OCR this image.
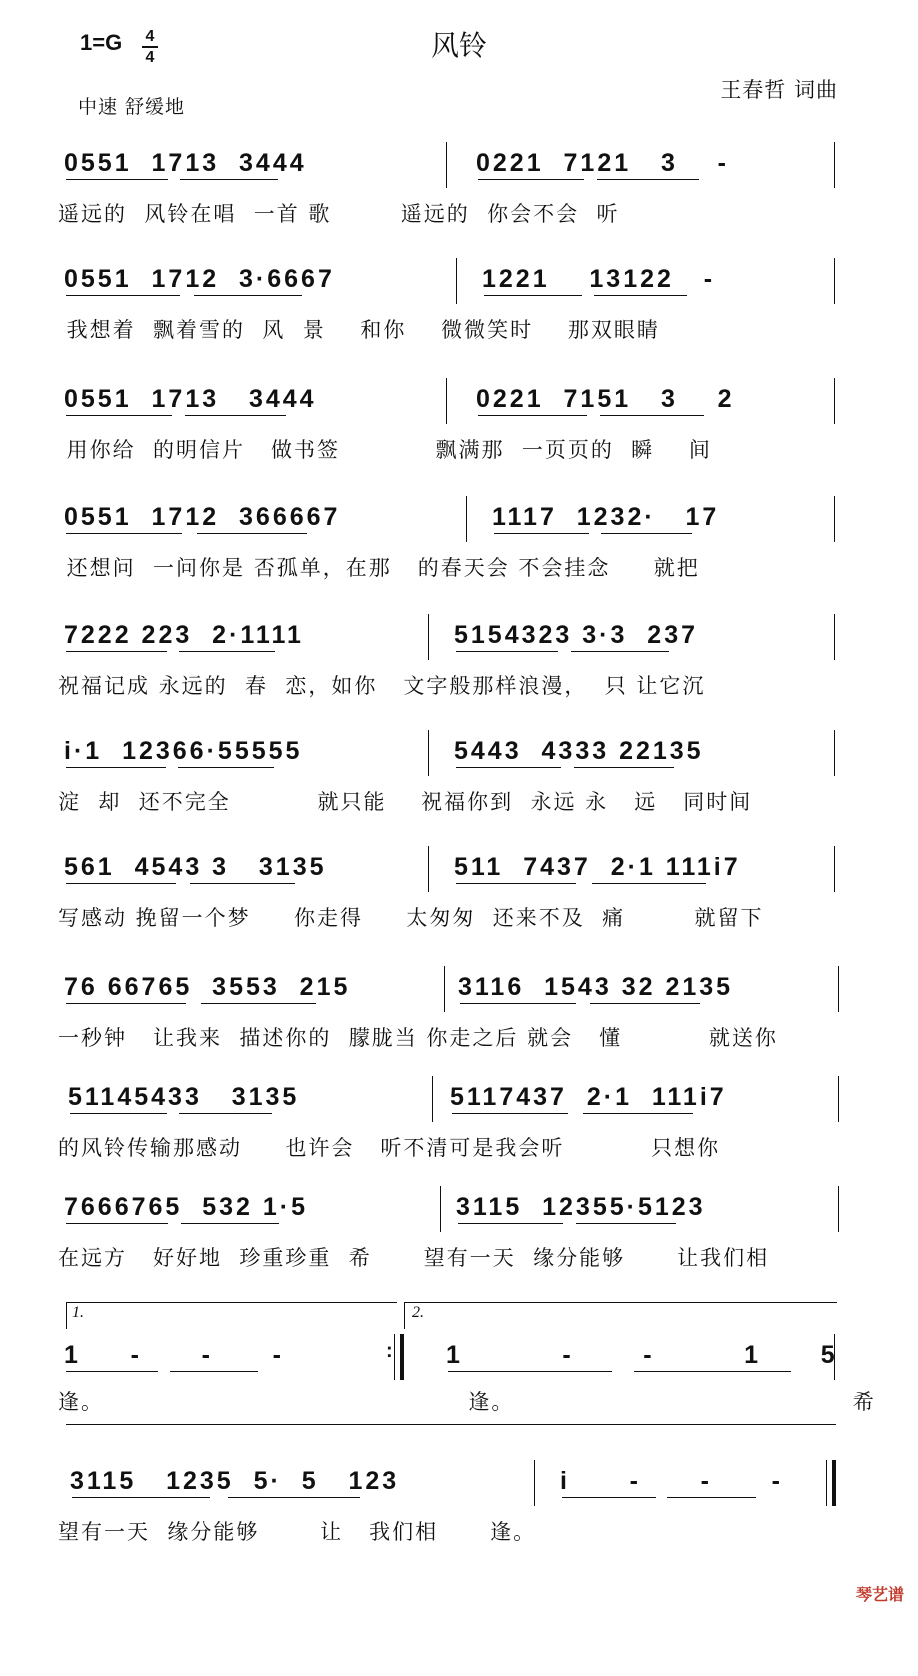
1=G 4
4	风铃
中速 舒缓地
王春哲 词曲

0551  1713  3444

	0221  7121   3    -

遥远的  风铃在唱  一首 歌        遥远的  你会不会  听

0551  1712  3·6667

	1221    13122   -

我想着  飘着雪的  风  景    和你    微微笑时    那双眼睛

0551  1713   3444

	0221  7151   3    2

用你给  的明信片   做书签           飘满那  一页页的  瞬    间

0551  1712  366667

	1117  1232·   17

还想问  一问你是 否孤单，在那   的春天会 不会挂念     就把

7222 223  2·1111

	5154323 3·3  237

祝福记成 永远的  春  恋，如你   文字般那样浪漫，  只 让它沉

i·1  12366·55555

	5443  4333 22135

淀  却  还不完全          就只能    祝福你到  永远 永   远   同时间

561  4543 3   3135

	511  7437  2·1 111i7

写感动 挽留一个梦     你走得     太匆匆  还来不及  痛        就留下

76 66765  3553  215

	3116  1543 32 2135

一秒钟   让我来  描述你的  朦胧当 你走之后 就会   懂          就送你

51145433   3135

	5117437  2·1  111i7

的风铃传输那感动     也许会   听不清可是我会听          只想你

7666765  532 1·5

	3115  12355·5123

在远方   好好地  珍重珍重  希      望有一天  缘分能够      让我们相
1.	2.

1     -      -      -

	:

1          -       -         1      5

逢。                                          逢。                                       希

3115   1235  5·  5   123

	i      -      -      -

望有一天  缘分能够       让   我们相      逢。
琴艺谱
